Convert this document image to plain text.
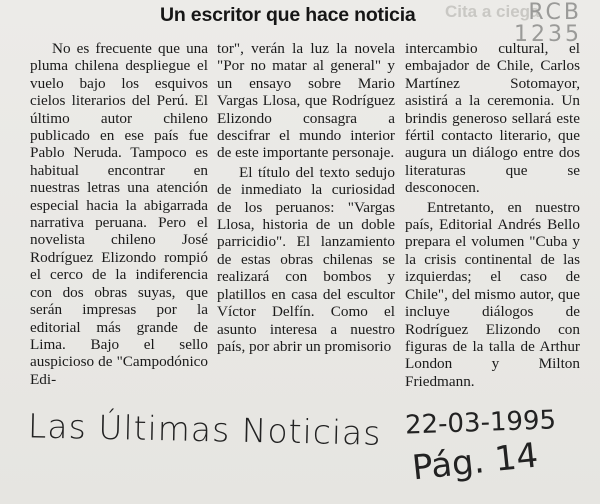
Cita a ciega
RCB
1235
Un escritor que hace noticia

No es frecuente que una pluma chilena despliegue el vuelo bajo los esquivos cielos literarios del Perú. El último autor chileno publicado en ese país fue Pablo Neruda. Tampoco es habitual encontrar en nuestras letras una atención especial hacia la abigarrada narrativa peruana. Pero el novelista chileno José Rodríguez Elizondo rompió el cerco de la indiferencia con dos obras suyas, que serán impresas por la editorial más grande de Lima. Bajo el sello auspicioso de "Campodónico Edi-

tor", verán la luz la novela "Por no matar al general" y un ensayo sobre Mario Vargas Llosa, que Rodríguez Elizondo consagra a descifrar el mundo interior de este importante personaje.

El título del texto sedujo de inmediato la curiosidad de los peruanos: "Vargas Llosa, historia de un doble parricidio". El lanzamiento de estas obras chilenas se realizará con bombos y platillos en casa del escultor Víctor Delfín. Como el asunto interesa a nuestro país, por abrir un promisorio

intercambio cultural, el embajador de Chile, Carlos Martínez Sotomayor, asistirá a la ceremonia. Un brindis generoso sellará este fértil contacto literario, que augura un diálogo entre dos literaturas que se desconocen.

Entretanto, en nuestro país, Editorial Andrés Bello prepara el volumen "Cuba y la crisis continental de las izquierdas; el caso de Chile", del mismo autor, que incluye diálogos de Rodríguez Elizondo con figuras de la talla de Arthur London y Milton Friedmann.

Las Últimas Noticias 22-03-1995
Pág. 14
